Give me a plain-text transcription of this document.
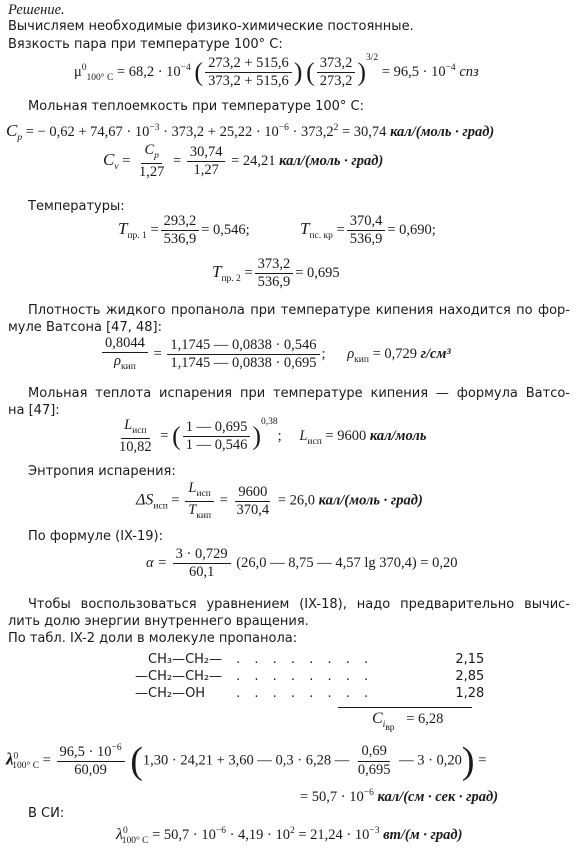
Решение.
Вычисляем необходимые физико-химические постоянные.
Вязкость пара при температуре 100° С:
$\mu^0_{100^\circ С} = 68,2 \cdot 10^{-4}$ ( $\frac{273,2 + 515,6}{373,2 + 515,6}$ ) ( $\frac{373,2}{273,2} )^{3/2} = 96,5 \cdot 10^{-4}$ спз
Мольная теплоемкость при температуре 100° С:
$C_p$ = − $0,62 + 74,67 \cdot 10^{-3} \cdot 373,2 + 25,22 \cdot 10^{-6} \cdot 373,2^2 = 30,74$ кал/(моль · град)
$C_v = \frac{C_p}{1,27} = \frac{30,74}{1,27} = 24,21$ кал/(моль · град)
Температуры:
$T_{пр. 1} = \frac{293,2}{536,9} = 0,546$;	$T_{пс. кр} = \frac{370,4}{536,9} = 0,690$;
$T_{пр. 2} = \frac{373,2}{536,9} = 0,695$
Плотность жидкого пропанола при температуре кипения находится по фор-
муле Ватсона [47, 48]:
$\frac{0,8044}{\rho_{кип}} = \frac{1,1745 — 0,0838 \cdot 0,546}{1,1745 — 0,0838 \cdot 0,695}$ ; $\rho_{кип} = 0,729$ г/см³
Мольная теплота испарения при температуре кипения — формула Ватсо-
на [47]:
$\frac{L_{исп}}{10,82}$ = ( $\frac{1 — 0,695}{1 — 0,546} )^{0,38}$; $L_{исп} = 9600$ кал/моль
Энтропия испарения:
$\Delta S_{исп} = \frac{L_{исп}}{T_{кип}} = \frac{9600}{370,4} = 26,0$ кал/(моль · град)
По формуле (IX-19):
$\alpha = \frac{3 \cdot 0,729}{60,1} (26,0$ — 8,75 — 4,57 lg 370,4) = 0,20
Чтобы воспользоваться уравнением (IX-18), надо предварительно вычис-
лить долю энергии внутреннего вращения.
По табл. IX-2 доли в молекуле пропанола:
CH₃—CH₂— . . . . . . . .	2,15
—CH₂—CH₂— . . . . . . . .	2,85
—CH₂—OH . . . . . . . .	1,28
$C_{iвр} = 6,28$
$\lambda^0_{100^\circ С} = \frac{96,5 \cdot 10^{-6}}{60,09} (1,30 \cdot 24,21 + 3,60$ — 0,3 · 6,28 — $\frac{0,69}{0,695}$ — 3 · 0,20) =
= $50,7 \cdot 10^{-6}$ кал/(см · сек · град)
В СИ:
$\lambda^0_{100^\circ С} = 50,7 \cdot 10^{-6} \cdot 4,19 \cdot 10^2 = 21,24 \cdot 10^{-3}$ вт/(м · град)
